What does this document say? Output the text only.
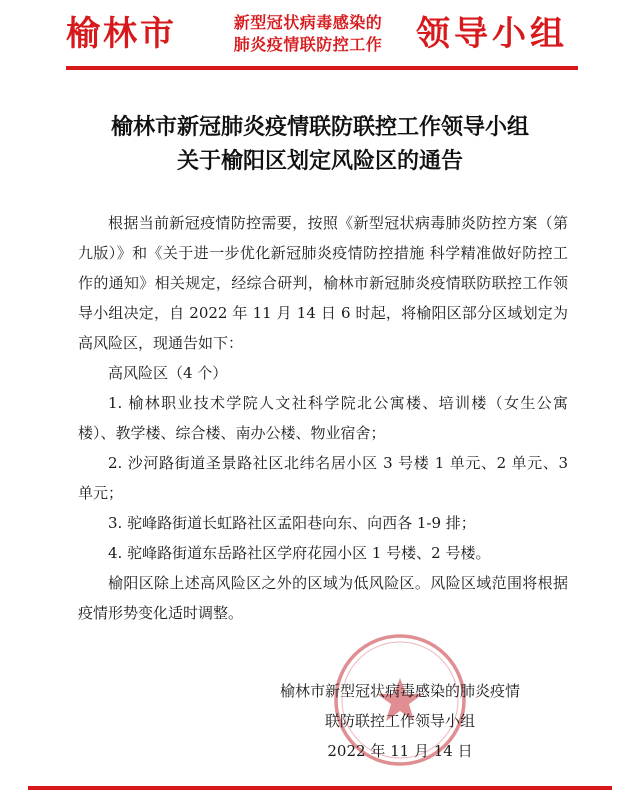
榆林市	新型冠状病毒感染的
肺炎疫情联防控工作 领导小组
榆林市新冠肺炎疫情联防联控工作领导小组
关于榆阳区划定风险区的通告

根据当前新冠疫情防控需要，按照《新型冠状病毒肺炎防控方案（第九版）》和《关于进一步优化新冠肺炎疫情防控措施 科学精准做好防控工作的通知》相关规定，经综合研判，榆林市新冠肺炎疫情联防联控工作领导小组决定，自 2022 年 11 月 14 日 6 时起，将榆阳区部分区域划定为高风险区，现通告如下：

高风险区（4 个）

1. 榆林职业技术学院人文社科学院北公寓楼、培训楼（女生公寓楼）、教学楼、综合楼、南办公楼、物业宿舍；

2. 沙河路街道圣景路社区北纬名居小区 3 号楼 1 单元、2 单元、3 单元；

3. 驼峰路街道长虹路社区孟阳巷向东、向西各 1-9 排；

4. 驼峰路街道东岳路社区学府花园小区 1 号楼、2 号楼。

榆阳区除上述高风险区之外的区域为低风险区。风险区域范围将根据疫情形势变化适时调整。

榆林市新型冠状病毒感染的肺炎疫情
联防联控工作领导小组
2022 年 11 月 14 日
